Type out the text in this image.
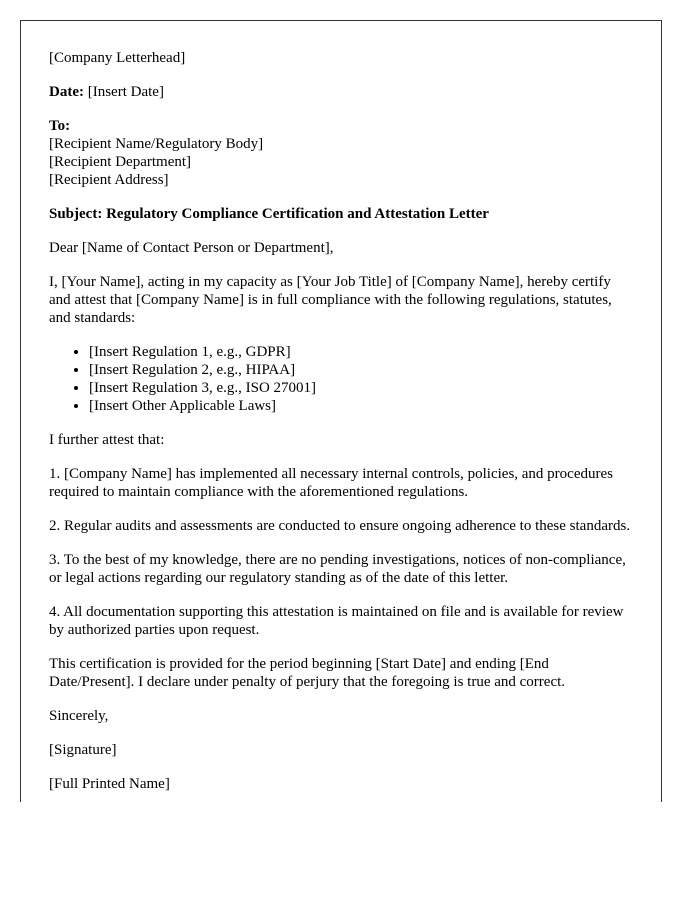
[Company Letterhead]

Date: [Insert Date]

To:
[Recipient Name/Regulatory Body]
[Recipient Department]
[Recipient Address]

Subject: Regulatory Compliance Certification and Attestation Letter

Dear [Name of Contact Person or Department],

I, [Your Name], acting in my capacity as [Your Job Title] of [Company Name], hereby certify and attest that [Company Name] is in full compliance with the following regulations, statutes, and standards:

• [Insert Regulation 1, e.g., GDPR]
• [Insert Regulation 2, e.g., HIPAA]
• [Insert Regulation 3, e.g., ISO 27001]
• [Insert Other Applicable Laws]

I further attest that:

1. [Company Name] has implemented all necessary internal controls, policies, and procedures required to maintain compliance with the aforementioned regulations.

2. Regular audits and assessments are conducted to ensure ongoing adherence to these standards.

3. To the best of my knowledge, there are no pending investigations, notices of non-compliance, or legal actions regarding our regulatory standing as of the date of this letter.

4. All documentation supporting this attestation is maintained on file and is available for review by authorized parties upon request.

This certification is provided for the period beginning [Start Date] and ending [End Date/Present]. I declare under penalty of perjury that the foregoing is true and correct.

Sincerely,

[Signature]

[Full Printed Name]
